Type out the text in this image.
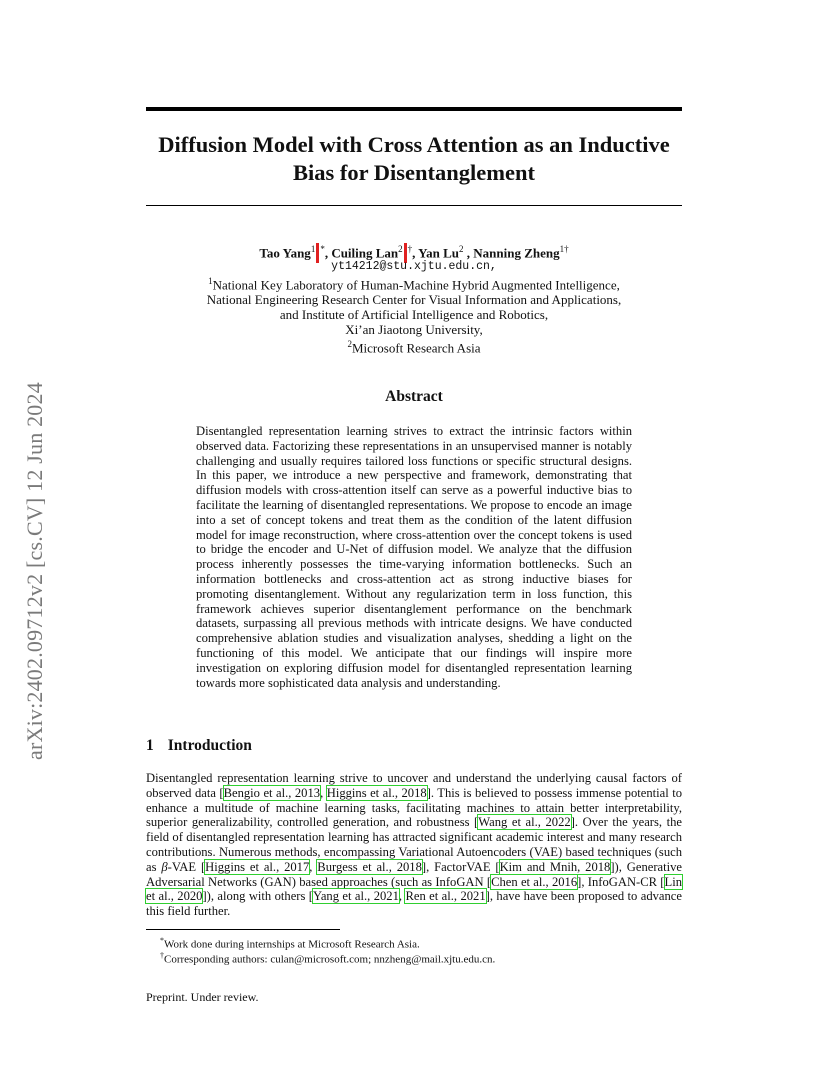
arXiv:2402.09712v2 [cs.CV] 12 Jun 2024
Diffusion Model with Cross Attention as an Inductive
Bias for Disentanglement
Tao Yang$^1$ *, Cuiling Lan$^2$ †, Yan Lu$^2$ , Nanning Zheng$^{1\dagger}$
yt14212@stu.xjtu.edu.cn,
$^1$National Key Laboratory of Human-Machine Hybrid Augmented Intelligence,
National Engineering Research Center for Visual Information and Applications,
and Institute of Artificial Intelligence and Robotics,
Xi’an Jiaotong University,
$^2$Microsoft Research Asia
Abstract
Disentangled representation learning strives to extract the intrinsic factors within observed data. Factorizing these representations in an unsupervised manner is notably challenging and usually requires tailored loss functions or specific structural designs. In this paper, we introduce a new perspective and framework, demonstrating that diffusion models with cross-attention itself can serve as a powerful inductive bias to facilitate the learning of disentangled representations. We propose to encode an image into a set of concept tokens and treat them as the condition of the latent diffusion model for image reconstruction, where cross-attention over the concept tokens is used to bridge the encoder and U-Net of diffusion model. We analyze that the diffusion process inherently possesses the time-varying information bottlenecks. Such an information bottlenecks and cross-attention act as strong inductive biases for promoting disentanglement. Without any regularization term in loss function, this framework achieves superior disentanglement performance on the benchmark datasets, surpassing all previous methods with intricate designs. We have conducted comprehensive ablation studies and visualization analyses, shedding a light on the functioning of this model. We anticipate that our findings will inspire more investigation on exploring diffusion model for disentangled representation learning towards more sophisticated data analysis and understanding.
1 Introduction
Disentangled representation learning strive to uncover and understand the underlying causal factors of observed data [Bengio et al., 2013, Higgins et al., 2018]. This is believed to possess immense potential to enhance a multitude of machine learning tasks, facilitating machines to attain better interpretability, superior generalizability, controlled generation, and robustness [Wang et al., 2022]. Over the years, the field of disentangled representation learning has attracted significant academic interest and many research contributions. Numerous methods, encompassing Variational Autoencoders (VAE) based techniques (such as β-VAE [Higgins et al., 2017, Burgess et al., 2018], FactorVAE [Kim and Mnih, 2018]), Generative Adversarial Networks (GAN) based approaches (such as InfoGAN [Chen et al., 2016], InfoGAN-CR [Lin et al., 2020]), along with others [Yang et al., 2021, Ren et al., 2021], have have been proposed to advance this field further.
*Work done during internships at Microsoft Research Asia.
†Corresponding authors: culan@microsoft.com; nnzheng@mail.xjtu.edu.cn.
Preprint. Under review.
